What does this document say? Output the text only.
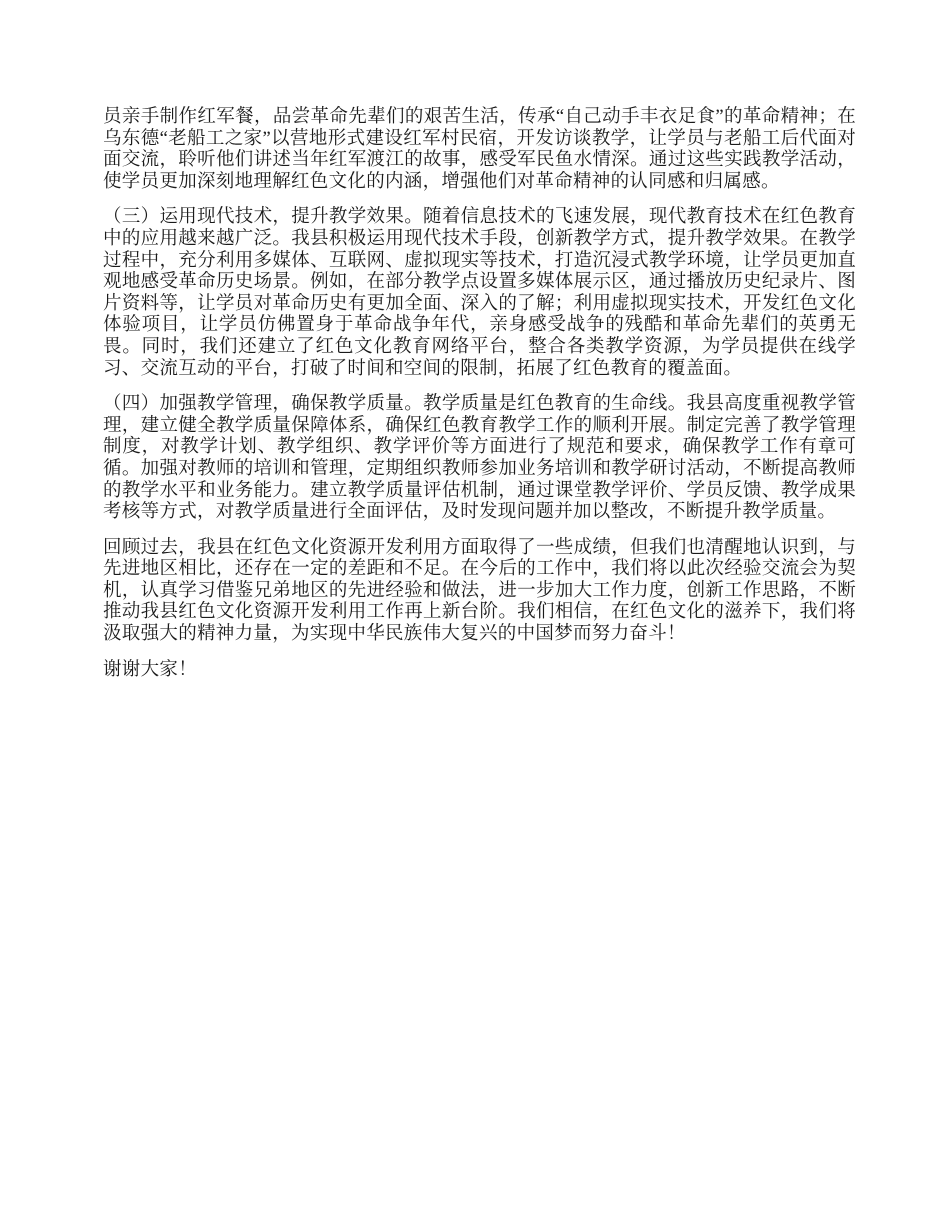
员亲手制作红军餐，品尝革命先辈们的艰苦生活，传承“自己动手丰衣足食”的革命精神；在乌东德“老船工之家”以营地形式建设红军村民宿，开发访谈教学，让学员与老船工后代面对面交流，聆听他们讲述当年红军渡江的故事，感受军民鱼水情深。通过这些实践教学活动，使学员更加深刻地理解红色文化的内涵，增强他们对革命精神的认同感和归属感。

（三）运用现代技术，提升教学效果。随着信息技术的飞速发展，现代教育技术在红色教育中的应用越来越广泛。我县积极运用现代技术手段，创新教学方式，提升教学效果。在教学过程中，充分利用多媒体、互联网、虚拟现实等技术，打造沉浸式教学环境，让学员更加直观地感受革命历史场景。例如，在部分教学点设置多媒体展示区，通过播放历史纪录片、图片资料等，让学员对革命历史有更加全面、深入的了解；利用虚拟现实技术，开发红色文化体验项目，让学员仿佛置身于革命战争年代，亲身感受战争的残酷和革命先辈们的英勇无畏。同时，我们还建立了红色文化教育网络平台，整合各类教学资源，为学员提供在线学习、交流互动的平台，打破了时间和空间的限制，拓展了红色教育的覆盖面。

（四）加强教学管理，确保教学质量。教学质量是红色教育的生命线。我县高度重视教学管理，建立健全教学质量保障体系，确保红色教育教学工作的顺利开展。制定完善了教学管理制度，对教学计划、教学组织、教学评价等方面进行了规范和要求，确保教学工作有章可循。加强对教师的培训和管理，定期组织教师参加业务培训和教学研讨活动，不断提高教师的教学水平和业务能力。建立教学质量评估机制，通过课堂教学评价、学员反馈、教学成果考核等方式，对教学质量进行全面评估，及时发现问题并加以整改，不断提升教学质量。

回顾过去，我县在红色文化资源开发利用方面取得了一些成绩，但我们也清醒地认识到，与先进地区相比，还存在一定的差距和不足。在今后的工作中，我们将以此次经验交流会为契机，认真学习借鉴兄弟地区的先进经验和做法，进一步加大工作力度，创新工作思路，不断推动我县红色文化资源开发利用工作再上新台阶。我们相信，在红色文化的滋养下，我们将汲取强大的精神力量，为实现中华民族伟大复兴的中国梦而努力奋斗！

谢谢大家！
